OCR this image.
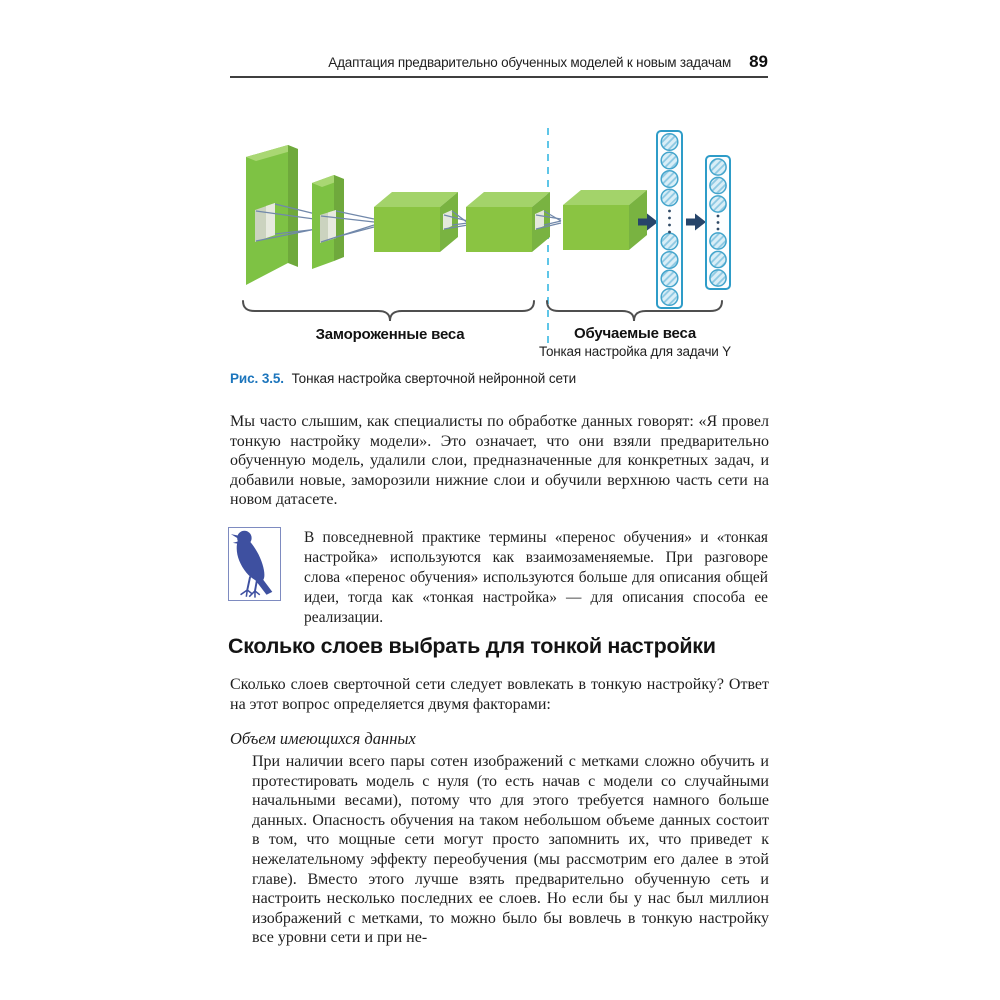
Адаптация предварительно обученных моделей к новым задачам 89
Замороженные веса	Обучаемые веса
Тонкая настройка для задачи Y
Рис. 3.5. Тонкая настройка сверточной нейронной сети
Мы часто слышим, как специалисты по обработке данных говорят: «Я провел тонкую настройку модели». Это означает, что они взяли предварительно обученную модель, удалили слои, предназначенные для конкретных задач, и добавили новые, заморозили нижние слои и обучили верхнюю часть сети на новом датасете.
В повседневной практике термины «перенос обучения» и «тонкая настройка» используются как взаимозаменяемые. При разговоре слова «перенос обучения» используются больше для описания общей идеи, тогда как «тонкая настройка» — для описания способа ее реализации.
Сколько слоев выбрать для тонкой настройки
Сколько слоев сверточной сети следует вовлекать в тонкую настройку? Ответ на этот вопрос определяется двумя факторами:
Объем имеющихся данных
При наличии всего пары сотен изображений с метками сложно обучить и протестировать модель с нуля (то есть начав с модели со случайными начальными весами), потому что для этого требуется намного больше данных. Опасность обучения на таком небольшом объеме данных состоит в том, что мощные сети могут просто запомнить их, что приведет к нежелательному эффекту переобучения (мы рассмотрим его далее в этой главе). Вместо этого лучше взять предварительно обученную сеть и настроить несколько последних ее слоев. Но если бы у нас был миллион изображений с метками, то можно было бы вовлечь в тонкую настройку все уровни сети и при не-
